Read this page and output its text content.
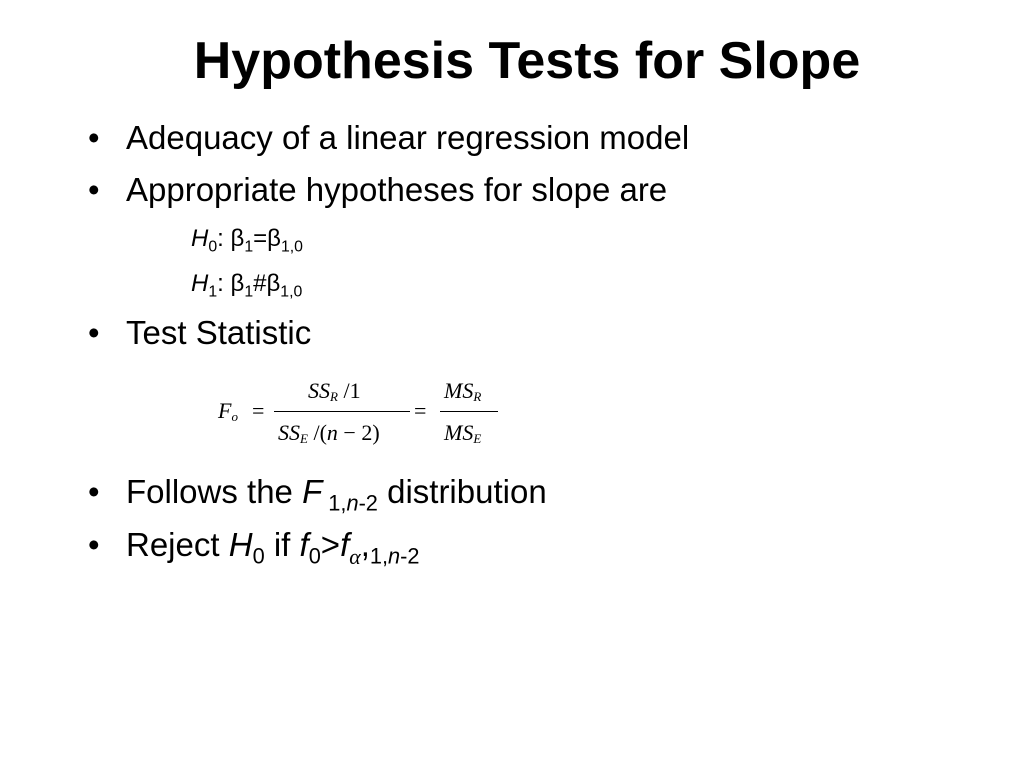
Hypothesis Tests for Slope
• Adequacy of a linear regression model
• Appropriate hypotheses for slope are
$H_0$: $\beta_1=\beta_{1,0}$
$H_1$: $\beta_1\#\beta_{1,0}$
• Test Statistic
Fo =
SSR /1
SSE /(n − 2)
=
MSR
MSE
• Follows the F $_{1,n-2}$ distribution
• Reject $H_0$ if $f_0>f_\alpha,_{1,n-2}$
